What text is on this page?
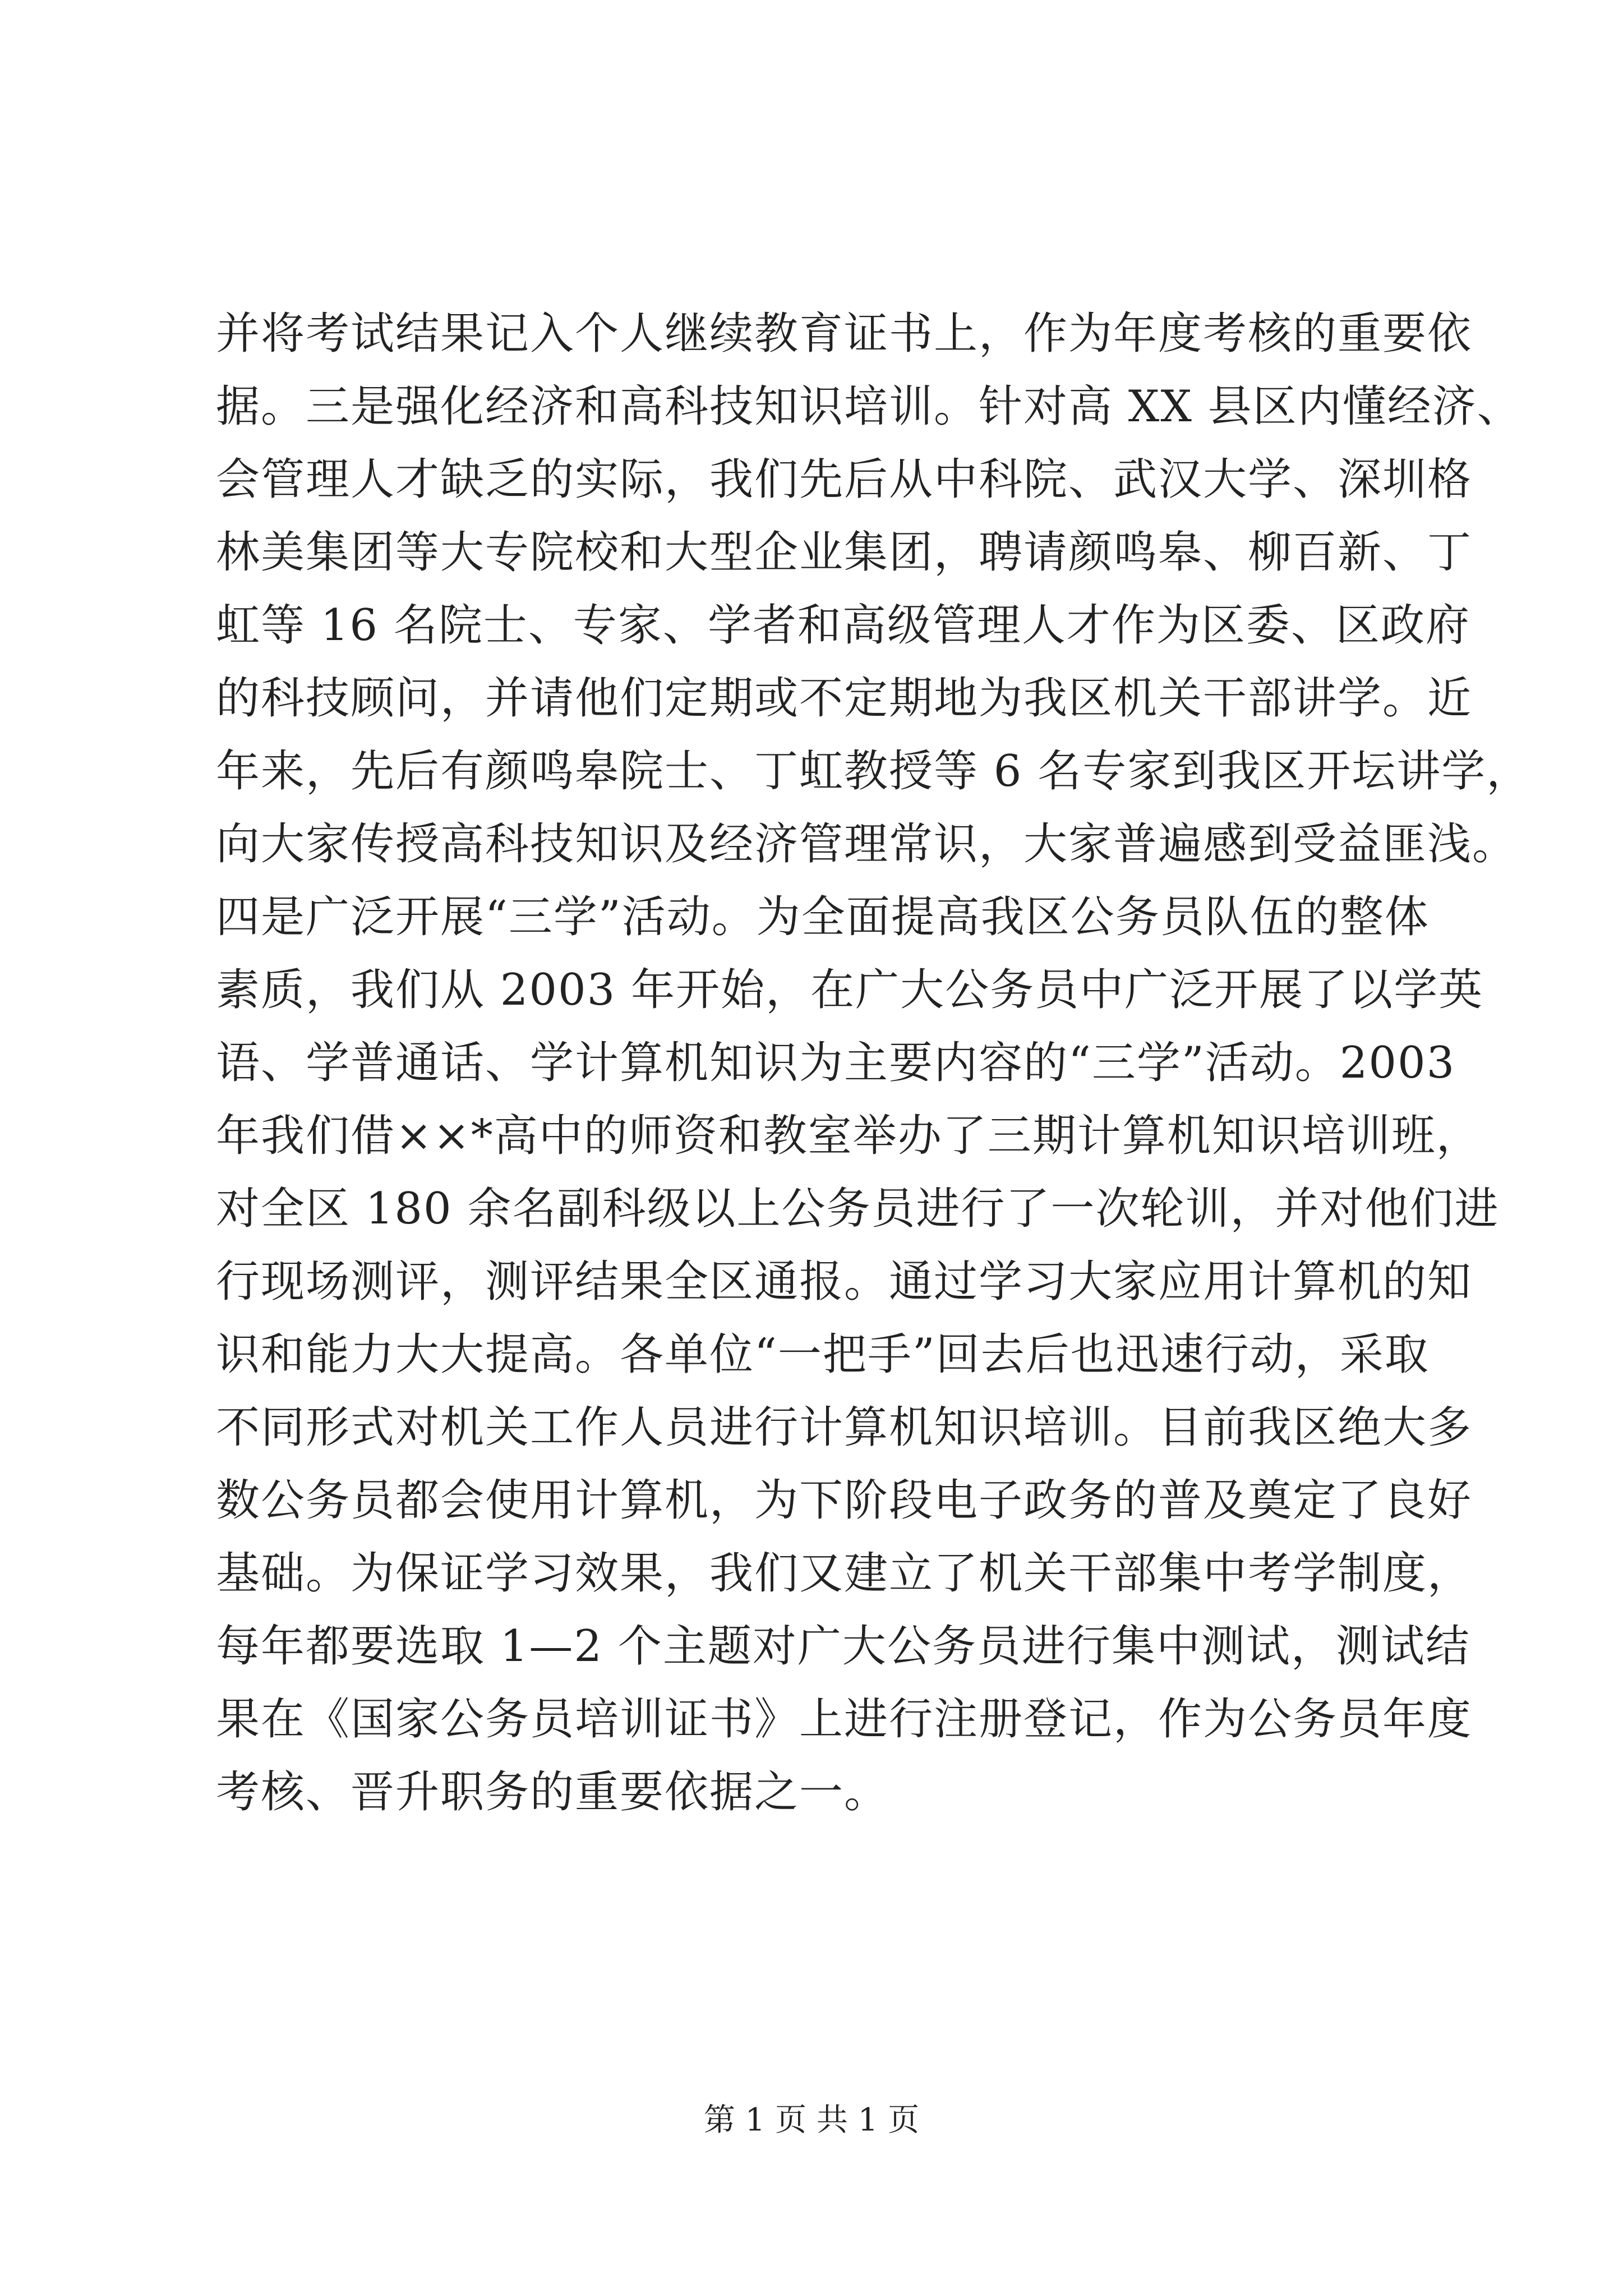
并将考试结果记入个人继续教育证书上，作为年度考核的重要依
据。三是强化经济和高科技知识培训。针对高 XX 县区内懂经济、
会管理人才缺乏的实际，我们先后从中科院、武汉大学、深圳格
林美集团等大专院校和大型企业集团，聘请颜鸣皋、柳百新、丁
虹等 16 名院士、专家、学者和高级管理人才作为区委、区政府
的科技顾问，并请他们定期或不定期地为我区机关干部讲学。近
年来，先后有颜鸣皋院士、丁虹教授等 6 名专家到我区开坛讲学，
向大家传授高科技知识及经济管理常识，大家普遍感到受益匪浅。
四是广泛开展“三学”活动。为全面提高我区公务员队伍的整体
素质，我们从 2003 年开始，在广大公务员中广泛开展了以学英
语、学普通话、学计算机知识为主要内容的“三学”活动。2003
年我们借××*高中的师资和教室举办了三期计算机知识培训班，
对全区 180 余名副科级以上公务员进行了一次轮训，并对他们进
行现场测评，测评结果全区通报。通过学习大家应用计算机的知
识和能力大大提高。各单位“一把手”回去后也迅速行动，采取
不同形式对机关工作人员进行计算机知识培训。目前我区绝大多
数公务员都会使用计算机，为下阶段电子政务的普及奠定了良好
基础。为保证学习效果，我们又建立了机关干部集中考学制度，
每年都要选取 1—2 个主题对广大公务员进行集中测试，测试结
果在《国家公务员培训证书》上进行注册登记，作为公务员年度
考核、晋升职务的重要依据之一。
第 1 页 共 1 页
